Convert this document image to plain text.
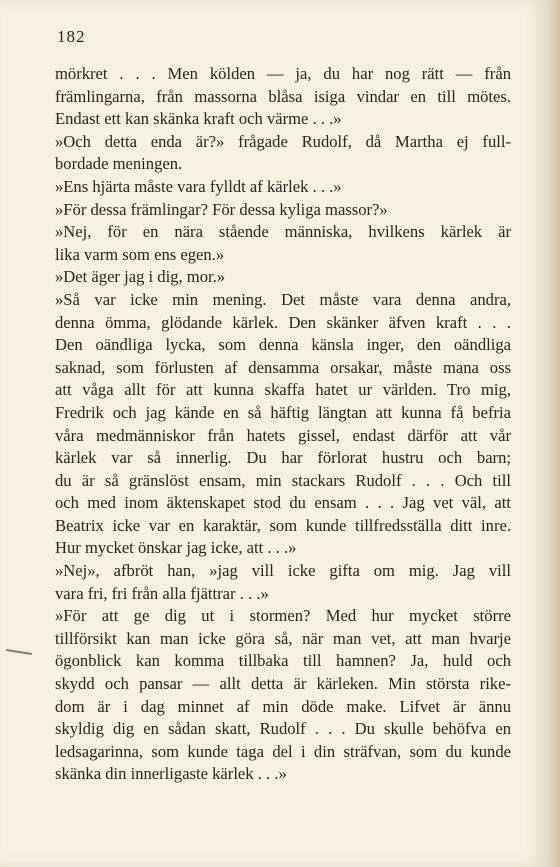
182
mörkret . . . Men kölden — ja, du har nog rätt — från
främlingarna, från massorna blåsa isiga vindar en till mötes.
Endast ett kan skänka kraft och värme . . .»
»Och detta enda är?» frågade Rudolf, då Martha ej full-
bordade meningen.
»Ens hjärta måste vara fylldt af kärlek . . .»
»För dessa främlingar? För dessa kyliga massor?»
»Nej, för en nära stående människa, hvilkens kärlek är
lika varm som ens egen.»
»Det äger jag i dig, mor.»
»Så var icke min mening. Det måste vara denna andra,
denna ömma, glödande kärlek. Den skänker äfven kraft . . .
Den oändliga lycka, som denna känsla inger, den oändliga
saknad, som förlusten af densamma orsakar, måste mana oss
att våga allt för att kunna skaffa hatet ur världen. Tro mig,
Fredrik och jag kände en så häftig längtan att kunna få befria
våra medmänniskor från hatets gissel, endast därför att vår
kärlek var så innerlig. Du har förlorat hustru och barn;
du är så gränslöst ensam, min stackars Rudolf . . . Och till
och med inom äktenskapet stod du ensam . . . Jag vet väl, att
Beatrix icke var en karaktär, som kunde tillfredsställa ditt inre.
Hur mycket önskar jag icke, att . . .»
»Nej», afbröt han, »jag vill icke gifta om mig. Jag vill
vara fri, fri från alla fjättrar . . .»
»För att ge dig ut i stormen? Med hur mycket större
tillförsikt kan man icke göra så, när man vet, att man hvarje
ögonblick kan komma tillbaka till hamnen? Ja, huld och
skydd och pansar — allt detta är kärleken. Min största rike-
dom är i dag minnet af min döde make. Lifvet är ännu
skyldig dig en sådan skatt, Rudolf . . . Du skulle behöfva en
ledsagarinna, som kunde taga del i din sträfvan, som du kunde
skänka din innerligaste kärlek . . .»
